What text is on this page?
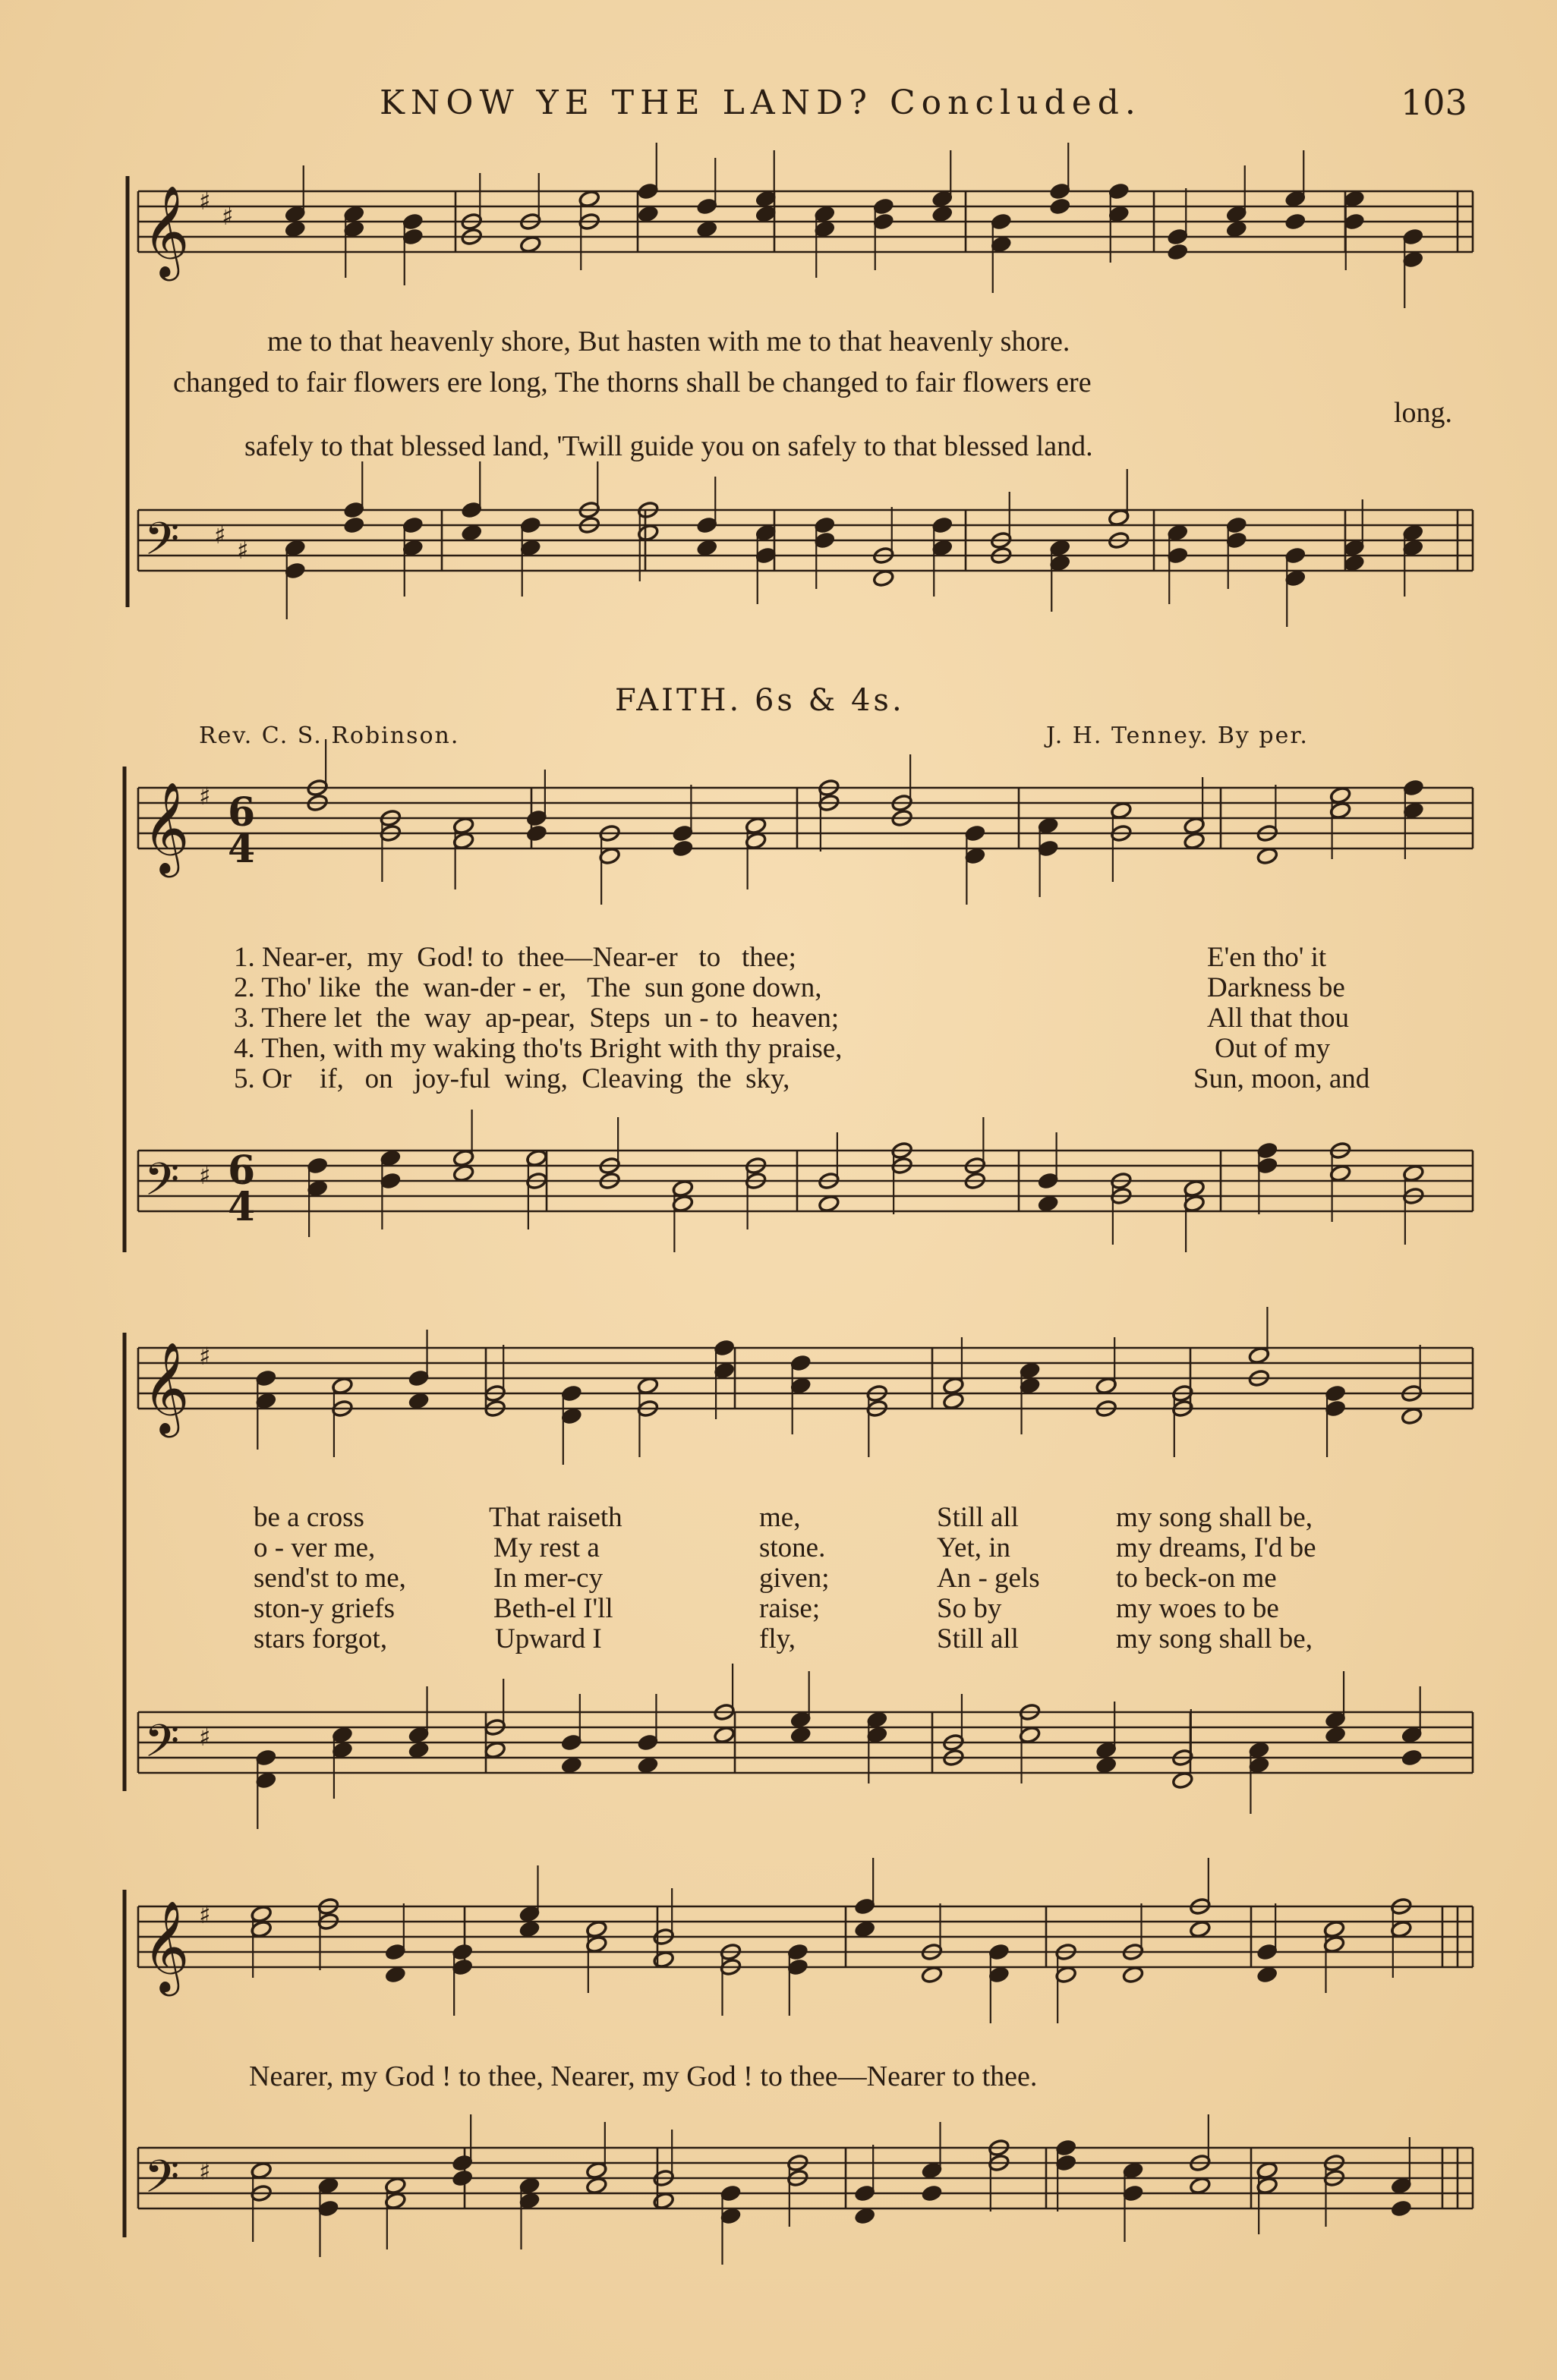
KNOW YE THE LAND? Concluded.	103
𝄞 ♯
♯
𝄢 ♯
♯
𝄞 ♯
𝄢 ♯
𝄞 ♯
𝄢 ♯
𝄞 ♯
𝄢 ♯
me to that heavenly shore, But hasten with me to that heavenly shore.
changed to fair flowers ere long, The thorns shall be changed to fair flowers ere
long.
safely to that blessed land, 'Twill guide you on safely to that blessed land.
FAITH. 6s & 4s.
Rev. C. S. Robinson.	J. H. Tenney. By per.
1. Near-er,  my  God! to  thee—Near-er   to   thee;
2. Tho' like  the  wan-der - er,   The  sun gone down,
3. There let  the  way  ap-pear,  Steps  un - to  heaven;
4. Then, with my waking tho'ts Bright with thy praise,
5. Or    if,   on   joy-ful  wing,  Cleaving  the  sky,
E'en tho' it
Darkness be
All that thou
Out of my
Sun, moon, and
be a cross
o - ver me,
send'st to me,
ston-y griefs
stars forgot,
That raiseth
My rest a
In mer-cy
Beth-el I'll
Upward I
me,
stone.
given;
raise;
fly,
Still all
Yet, in
An - gels
So by
Still all
my song shall be,
my dreams, I'd be
to beck-on me
my woes to be
my song shall be,
Nearer, my God ! to thee, Nearer, my God ! to thee—Nearer to thee.
6
4
6
4
